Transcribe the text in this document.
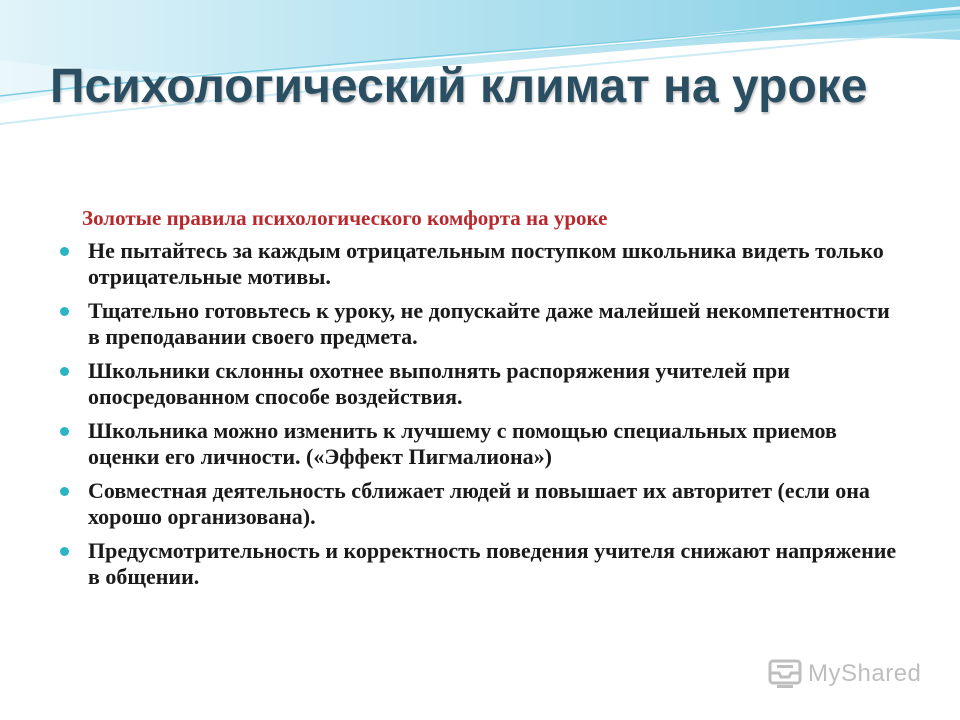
Психологический климат на уроке
Золотые правила психологического комфорта на уроке
Не пытайтесь за каждым отрицательным поступком школьника видеть только отрицательные мотивы.
Тщательно готовьтесь к уроку, не допускайте даже малейшей некомпетентности в преподавании своего предмета.
Школьники склонны охотнее выполнять распоряжения учителей при опосредованном способе воздействия.
Школьника можно изменить к лучшему с помощью специальных приемов оценки его личности. («Эффект Пигмалиона»)
Совместная деятельность сближает людей и повышает их авторитет (если она хорошо организована).
Предусмотрительность и корректность поведения учителя снижают напряжение в общении.
MyShared
